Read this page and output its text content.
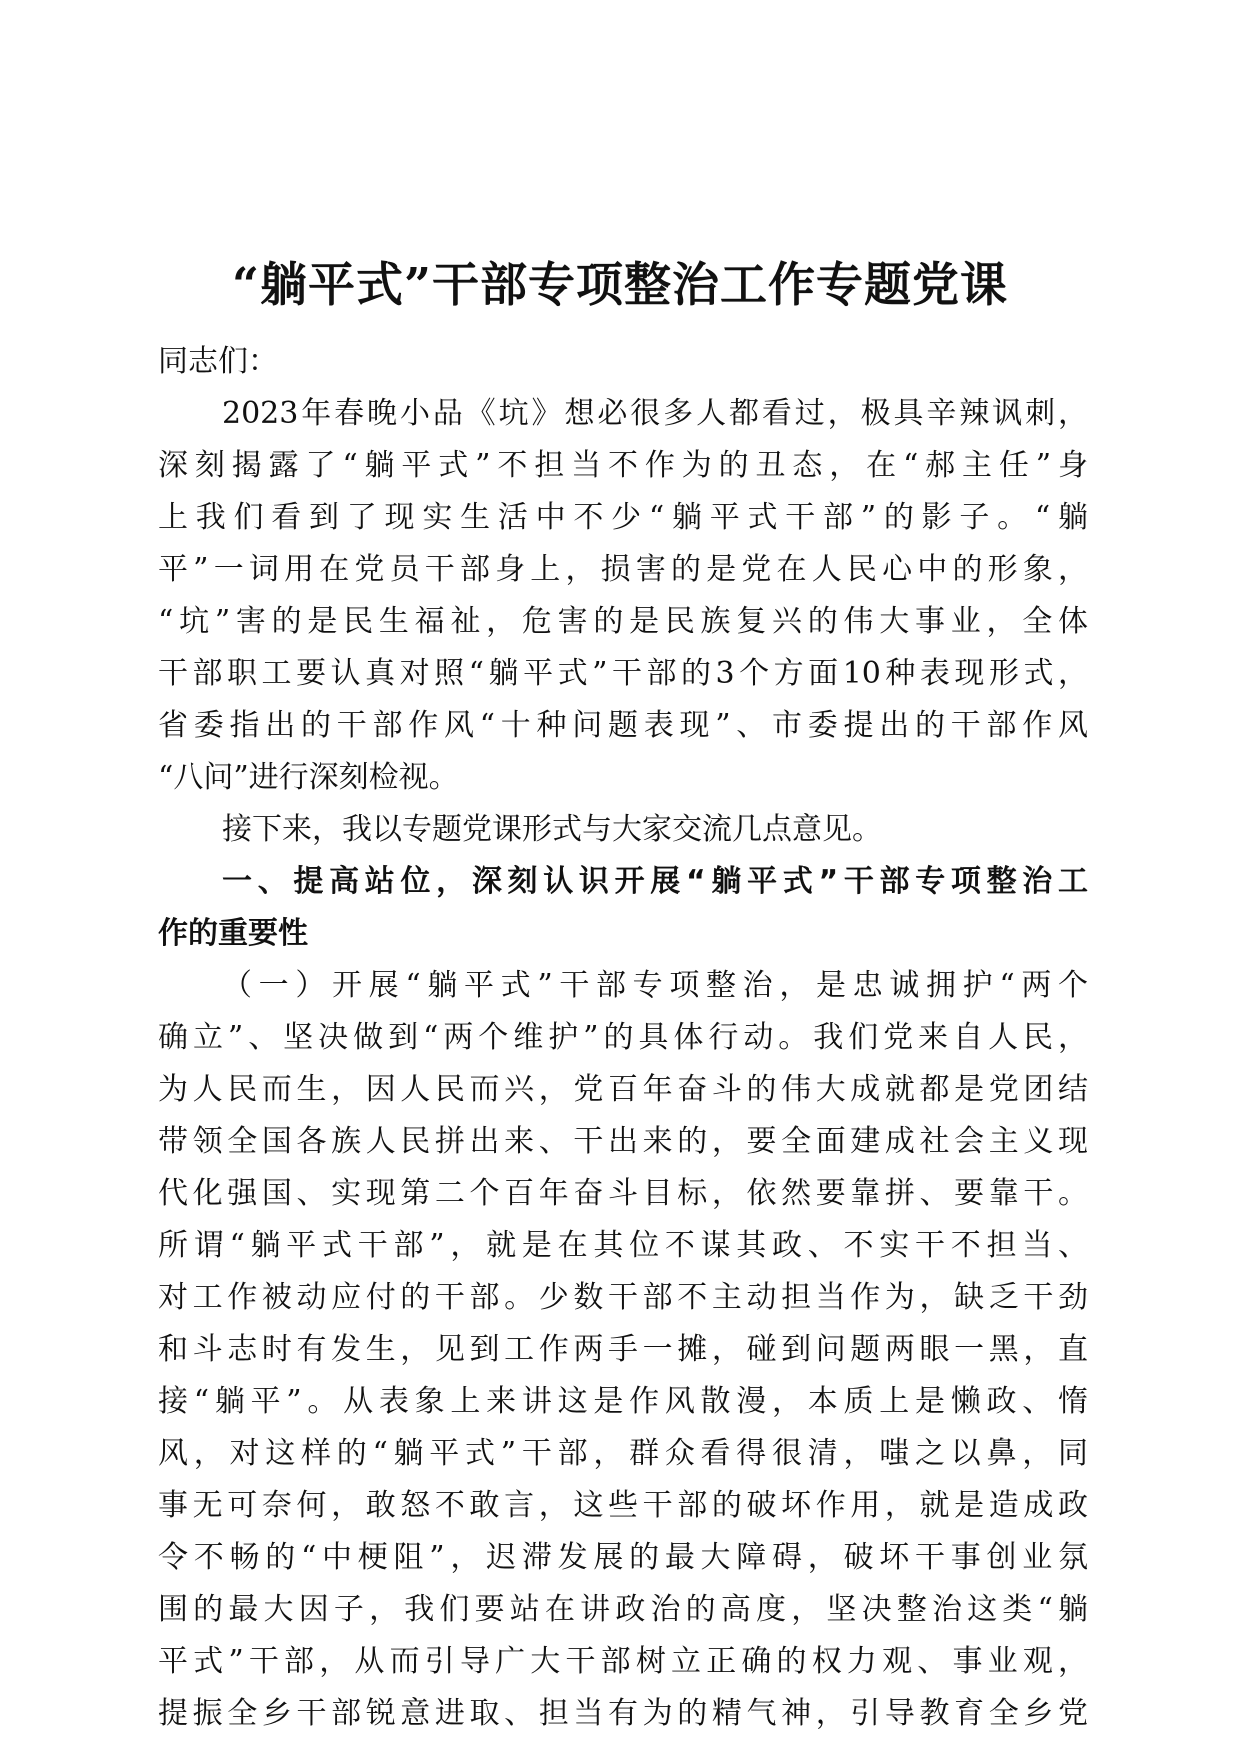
“躺平式”干部专项整治工作专题党课
同志们：
2023年春晚小品《坑》想必很多人都看过，极具辛辣讽刺，
深刻揭露了“躺平式”不担当不作为的丑态，在“郝主任”身
上我们看到了现实生活中不少“躺平式干部”的影子。“躺
平”一词用在党员干部身上，损害的是党在人民心中的形象，
“坑”害的是民生福祉，危害的是民族复兴的伟大事业，全体
干部职工要认真对照“躺平式”干部的3个方面10种表现形式，
省委指出的干部作风“十种问题表现”、市委提出的干部作风
“八问”进行深刻检视。
接下来，我以专题党课形式与大家交流几点意见。
一、提高站位，深刻认识开展“躺平式”干部专项整治工
作的重要性
（一）开展“躺平式”干部专项整治，是忠诚拥护“两个
确立”、坚决做到“两个维护”的具体行动。我们党来自人民，
为人民而生，因人民而兴，党百年奋斗的伟大成就都是党团结
带领全国各族人民拼出来、干出来的，要全面建成社会主义现
代化强国、实现第二个百年奋斗目标，依然要靠拼、要靠干。
所谓“躺平式干部”，就是在其位不谋其政、不实干不担当、
对工作被动应付的干部。少数干部不主动担当作为，缺乏干劲
和斗志时有发生，见到工作两手一摊，碰到问题两眼一黑，直
接“躺平”。从表象上来讲这是作风散漫，本质上是懒政、惰
风，对这样的“躺平式”干部，群众看得很清，嗤之以鼻，同
事无可奈何，敢怒不敢言，这些干部的破坏作用，就是造成政
令不畅的“中梗阻”，迟滞发展的最大障碍，破坏干事创业氛
围的最大因子，我们要站在讲政治的高度，坚决整治这类“躺
平式”干部，从而引导广大干部树立正确的权力观、事业观，
提振全乡干部锐意进取、担当有为的精气神，引导教育全乡党
